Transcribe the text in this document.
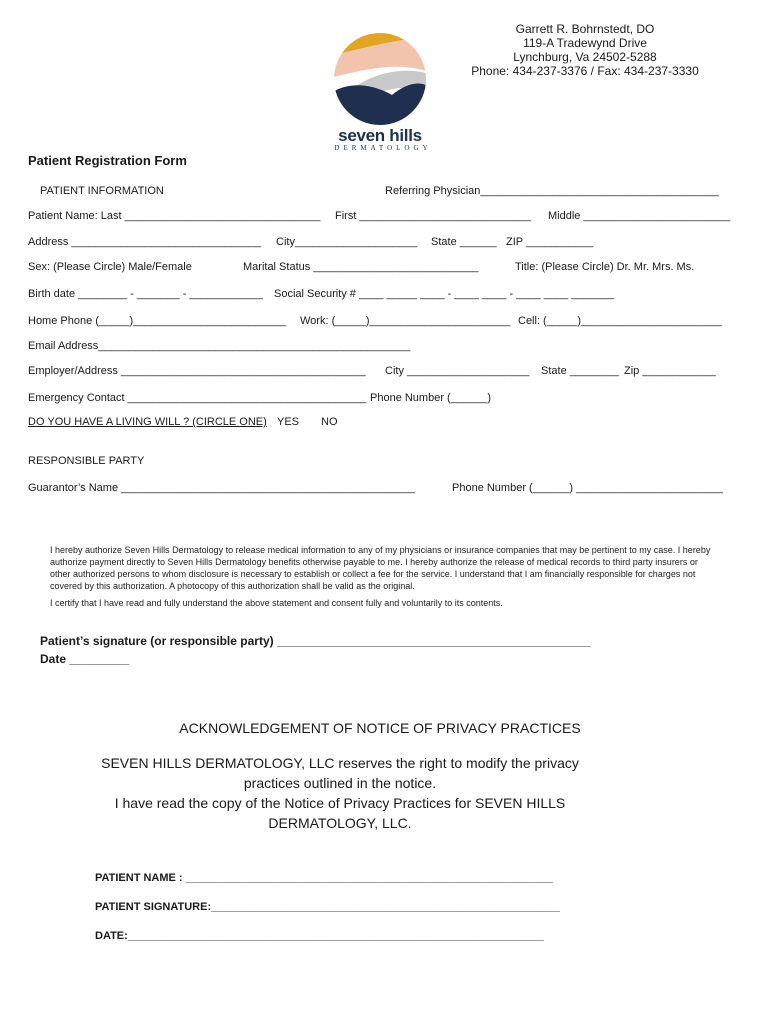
Garrett R. Bohrnstedt, DO
119-A Tradewynd Drive
Lynchburg, Va 24502-5288
Phone: 434-237-3376 / Fax: 434-237-3330
seven hills
DERMATOLOGY
Patient Registration Form
PATIENT INFORMATION	Referring Physician_______________________________________
Patient Name: Last ________________________________ First ____________________________ Middle ________________________
Address _______________________________ City____________________ State ______ ZIP ___________
Sex: (Please Circle) Male/Female	Marital Status ___________________________	Title: (Please Circle) Dr. Mr. Mrs. Ms.
Birth date ________ - _______ - ____________ Social Security # ____ _____ ____ - ____ ____ - ____ ____ _______
Home Phone (_____)_________________________ Work: (_____)_______________________ Cell: (_____)_______________________
Email Address___________________________________________________
Employer/Address ________________________________________ City ____________________ State ________ Zip ____________
Emergency Contact _______________________________________ Phone Number (______)
DO YOU HAVE A LIVING WILL ? (CIRCLE ONE) YES NO
RESPONSIBLE PARTY
Guarantor’s Name ________________________________________________	Phone Number (______) ________________________

I hereby authorize Seven Hills Dermatology to release medical information to any of my physicians or insurance companies that may be pertinent to my case. I hereby authorize payment directly to Seven Hills Dermatology benefits otherwise payable to me. I hereby authorize the release of medical records to third party insurers or other authorized persons to whom disclosure is necessary to establish or collect a fee for the service. I understand that I am financially responsible for charges not covered by this authorization. A photocopy of this authorization shall be valid as the original.

I certify that I have read and fully understand the above statement and consent fully and voluntarily to its contents.

Patient’s signature (or responsible party) _______________________________________________
Date _________
ACKNOWLEDGEMENT OF NOTICE OF PRIVACY PRACTICES
SEVEN HILLS DERMATOLOGY, LLC reserves the right to modify the privacy
practices outlined in the notice.
I have read the copy of the Notice of Privacy Practices for SEVEN HILLS
DERMATOLOGY, LLC.
PATIENT NAME : ____________________________________________________________
PATIENT SIGNATURE:_________________________________________________________
DATE:____________________________________________________________________
